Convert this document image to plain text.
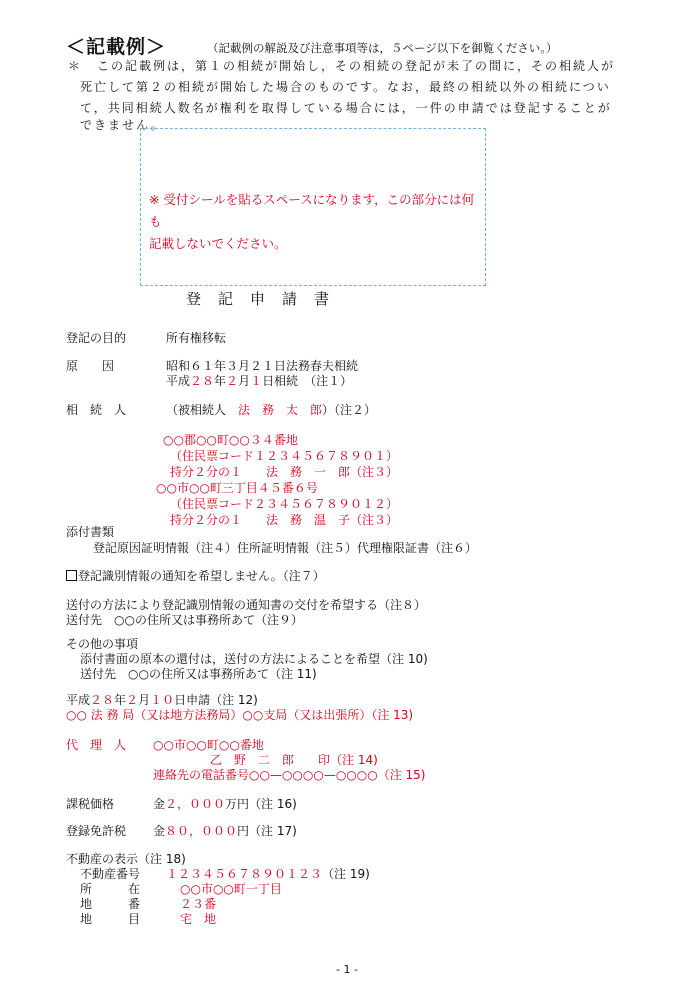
＜記載例＞	（記載例の解説及び注意事項等は，５ページ以下を御覧ください。）
＊ この記載例は，第１の相続が開始し，その相続の登記が未了の間に，その相続人が
死亡して第２の相続が開始した場合のものです。なお，最終の相続以外の相続につい
て，共同相続人数名が権利を取得している場合には，一件の申請では登記することが
できません。
※ 受付シールを貼るスペースになります，この部分には何も
記載しないでください。
登記申請書
登記の目的	所有権移転
原　　因	昭和６１年３月２１日法務春夫相続
平成２８年２月１日相続　（注１）
相　続　人	（被相続人　 法　務　太　郎）（注２）
○○郡○○町○○３４番地
（住民票コード１２３４５６７８９０１）
持分２分の１　　法　務　一　郎（注３）
○○市○○町三丁目４５番６号
（住民票コード２３４５６７８９０１２）
持分２分の１　　法　務　温　子（注３）
添付書類
登記原因証明情報（注４）住所証明情報（注５）代理権限証書（注６）
登記識別情報の通知を希望しません。（注７）
送付の方法により登記識別情報の通知書の交付を希望する（注８）
送付先　○○の住所又は事務所あて（注９）
その他の事項
添付書面の原本の還付は，送付の方法によることを希望（注 10)
送付先　○○の住所又は事務所あて（注 11)
平成２８年２月１０日申請（注 12)
○○ 法 務 局（又は地方法務局）○○支局（又は出張所）（注 13)
代　理　人 ○○市○○町○○番地
乙　野　二　郎　　印（注 14)
連絡先の電話番号○○—○○○○—○○○○（注 15)
課税価格	金２，０００万円（注 16)
登録免許税 金８０，０００円（注 17)
不動産の表示（注 18)
不動産番号 １２３４５６７８９０１２３（注 19)
所　　　在	○○市○○町一丁目
地　　　番	２３番
地　　　目	宅　地
- 1 -
